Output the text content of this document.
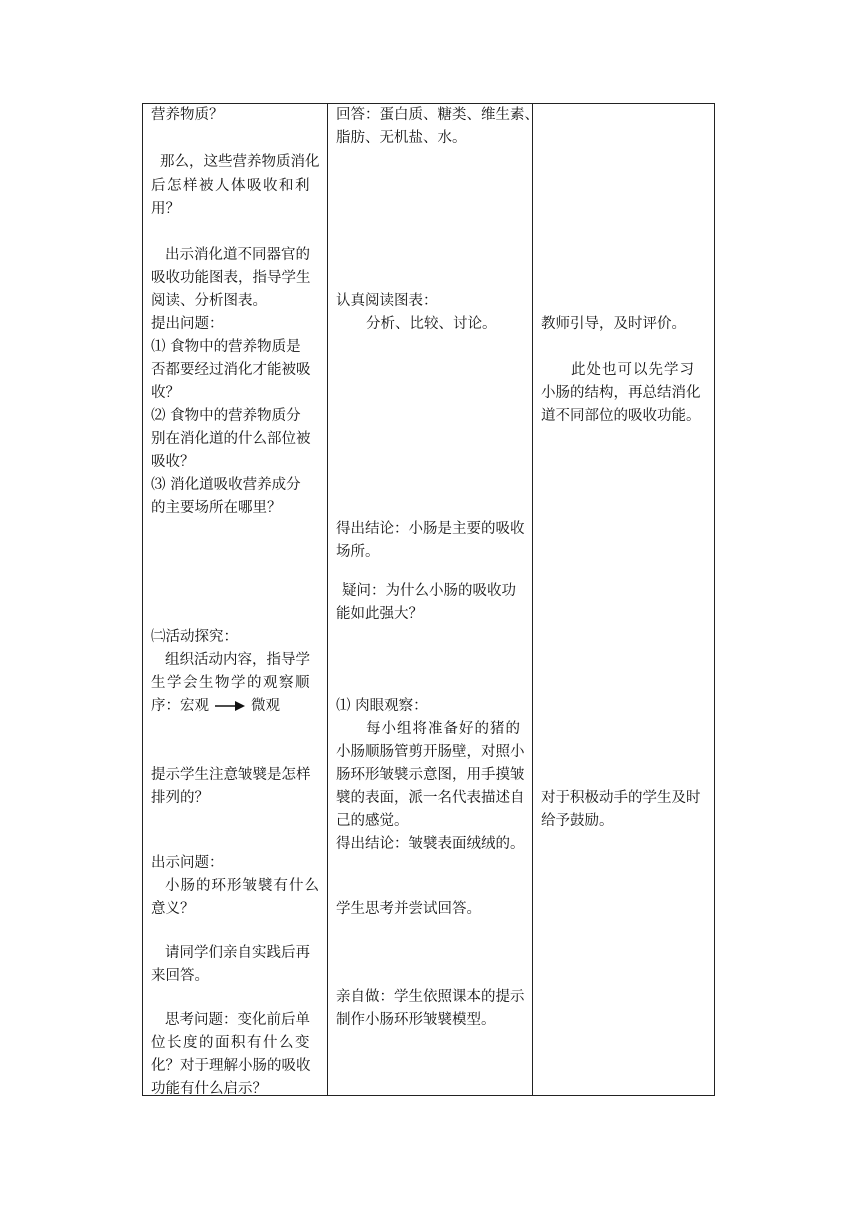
营养物质？
那么，这些营养物质消化
后怎样被人体吸收和利
用？
出示消化道不同器官的
吸收功能图表，指导学生
阅读、分析图表。
提出问题：
⑴ 食物中的营养物质是
否都要经过消化才能被吸
收？
⑵ 食物中的营养物质分
别在消化道的什么部位被
吸收？
⑶ 消化道吸收营养成分
的主要场所在哪里？
㈡活动探究：
组织活动内容，指导学
生学会生物学的观察顺
序：宏观	微观
提示学生注意皱襞是怎样
排列的？
出示问题：
小肠的环形皱襞有什么
意义？
请同学们亲自实践后再
来回答。
思考问题：变化前后单
位长度的面积有什么变
化？对于理解小肠的吸收
功能有什么启示？
回答：蛋白质、糖类、维生素、
脂肪、无机盐、水。
认真阅读图表：
分析、比较、讨论。
得出结论：小肠是主要的吸收
场所。
疑问：为什么小肠的吸收功
能如此强大？
⑴ 肉眼观察：
每小组将准备好的猪的
小肠顺肠管剪开肠壁，对照小
肠环形皱襞示意图，用手摸皱
襞的表面，派一名代表描述自
己的感觉。
得出结论：皱襞表面绒绒的。
学生思考并尝试回答。
亲自做：学生依照课本的提示
制作小肠环形皱襞模型。
教师引导，及时评价。
此处也可以先学习
小肠的结构，再总结消化
道不同部位的吸收功能。
对于积极动手的学生及时
给予鼓励。
